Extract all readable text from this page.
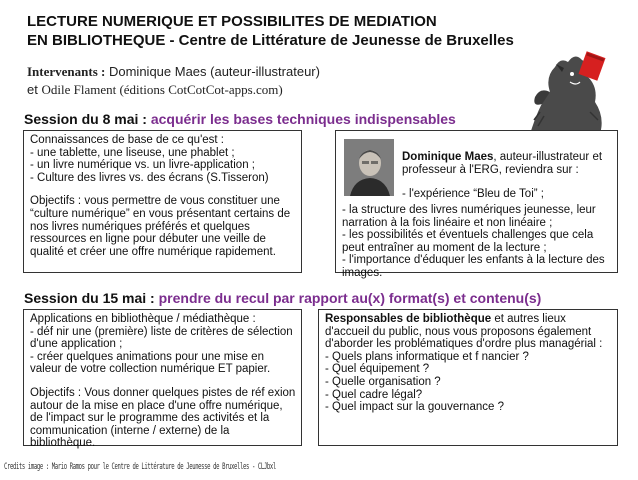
LECTURE NUMERIQUE ET POSSIBILITES DE MEDIATION
EN BIBLIOTHEQUE - Centre de Littérature de Jeunesse de Bruxelles
Intervenants : Dominique Maes (auteur-illustrateur)
et Odile Flament (éditions CotCotCot-apps.com)
Session du 8 mai : acquérir les bases techniques indispensables

Connaissances de base de ce qu'est :

- une tablette, une liseuse, une phablet ;

- un livre numérique vs. un livre-application ;

- Culture des livres vs. des écrans (S.Tisseron)

Objectifs : vous permettre de vous constituer une “culture numérique” en vous présentant certains de nos livres numériques préférés et quelques ressources en ligne pour débuter une veille de qualité et créer une offre numérique rapidement.

Dominique Maes, auteur-illustrateur et professeur à l'ERG, reviendra sur :
- l'expérience “Bleu de Toi” ;

- la structure des livres numériques jeunesse, leur narration à la fois linéaire et non linéaire ;

- les possibilités et éventuels challenges que cela peut entraîner au moment de la lecture ;

- l'importance d'éduquer les enfants à la lecture des images.

Session du 15 mai : prendre du recul par rapport au(x) format(s) et contenu(s)

Applications en bibliothèque / médiathèque :

- déf nir une (première) liste de critères de sélection d'une application ;

- créer quelques animations pour une mise en valeur de votre collection numérique ET papier.

Objectifs : Vous donner quelques pistes de réf exion autour de la mise en place d'une offre numérique, de l'impact sur le programme des activités et la communication (interne / externe) de la bibliothèque.

Responsables de bibliothèque et autres lieux d'accueil du public, nous vous proposons également d'aborder les problématiques d'ordre plus managérial :

- Quels plans informatique et f nancier ?

- Quel équipement ?

- Quelle organisation ?

- Quel cadre légal?

- Quel impact sur la gouvernance ?

Credits image : Mario Ramos pour le Centre de Littérature de Jeunesse de Bruxelles - CLJbxl
